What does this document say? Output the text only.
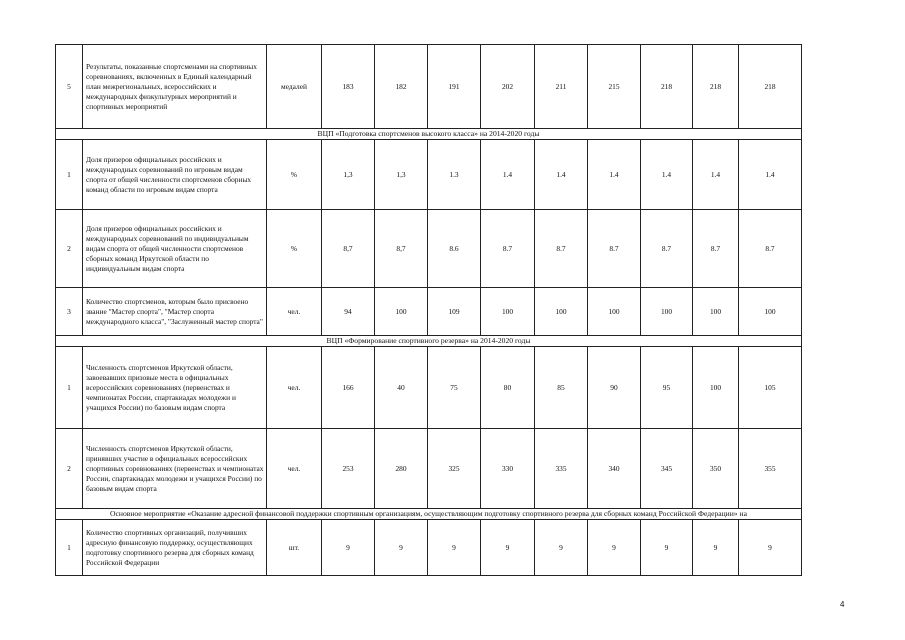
5	Результаты, показанные спортсменами на спортивных соревнованиях, включенных в Единый календарный план межрегиональных, всероссийских и международных физкультурных мероприятий и спортивных мероприятий	медалей	183	182	191	202	211	215	218	218	218
ВЦП «Подготовка спортсменов высокого класса» на 2014-2020 годы											
1	Доля призеров официальных российских и международных соревнований по игровым видам спорта от общей численности спортсменов сборных команд области по игровым видам спорта	%	1,3	1,3	1.3	1.4	1.4	1.4	1.4	1.4	1.4
2	Доля призеров официальных российских и международных соревнований по индивидуальным видам спорта от общей численности спортсменов сборных команд Иркутской области по индивидуальным видам спорта	%	8,7	8,7	8.6	8.7	8.7	8.7	8.7	8.7	8.7
3	Количество спортсменов, которым было присвоено звание "Мастер спорта", "Мастер спорта международного класса", "Заслуженный мастер спорта"	чел.	94	100	109	100	100	100	100	100	100
ВЦП «Формирование спортивного резерва» на 2014-2020 годы											
1	Численность спортсменов Иркутской области, завоевавших призовые места в официальных всероссийских соревнованиях (первенствах и чемпионатах России, спартакиадах молодежи и учащихся России) по базовым видам спорта	чел.	166	40	75	80	85	90	95	100	105
2	Численность спортсменов Иркутской области, принявших участие в официальных всероссийских спортивных соревнованиях (первенствах и чемпионатах России, спартакиадах молодежи и учащихся России) по базовым видам спорта	чел.	253	280	325	330	335	340	345	350	355
Основное мероприятие «Оказание адресной финансовой поддержки спортивным организациям, осуществляющим подготовку спортивного резерва для сборных команд Российской Федерации» на											
1	Количество спортивных организаций, получивших адресную финансовую поддержку, осуществляющих подготовку спортивного резерва для сборных команд Российской Федерации	шт.	9	9	9	9	9	9	9	9	9
4
